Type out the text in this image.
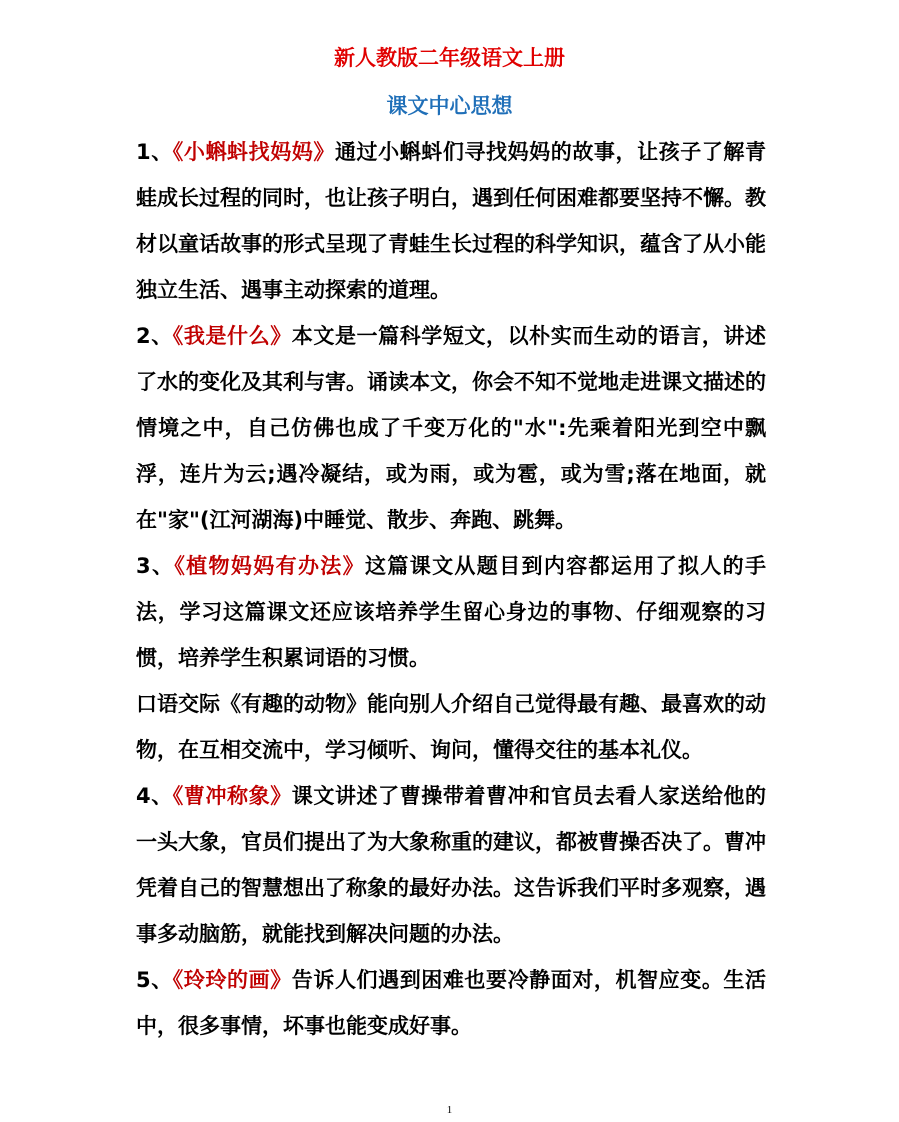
新人教版二年级语文上册
课文中心思想

1、《小蝌蚪找妈妈》通过小蝌蚪们寻找妈妈的故事，让孩子了解青蛙成长过程的同时，也让孩子明白，遇到任何困难都要坚持不懈。教材以童话故事的形式呈现了青蛙生长过程的科学知识，蕴含了从小能独立生活、遇事主动探索的道理。

2、《我是什么》本文是一篇科学短文，以朴实而生动的语言，讲述了水的变化及其利与害。诵读本文，你会不知不觉地走进课文描述的情境之中，自己仿佛也成了千变万化的"水":先乘着阳光到空中飘浮，连片为云;遇冷凝结，或为雨，或为雹，或为雪;落在地面，就在"家"(江河湖海)中睡觉、散步、奔跑、跳舞。

3、《植物妈妈有办法》这篇课文从题目到内容都运用了拟人的手法，学习这篇课文还应该培养学生留心身边的事物、仔细观察的习惯，培养学生积累词语的习惯。

口语交际《有趣的动物》能向别人介绍自己觉得最有趣、最喜欢的动物，在互相交流中，学习倾听、询问，懂得交往的基本礼仪。

4、《曹冲称象》课文讲述了曹操带着曹冲和官员去看人家送给他的一头大象，官员们提出了为大象称重的建议，都被曹操否决了。曹冲凭着自己的智慧想出了称象的最好办法。这告诉我们平时多观察，遇事多动脑筋，就能找到解决问题的办法。

5、《玲玲的画》告诉人们遇到困难也要冷静面对，机智应变。生活中，很多事情，坏事也能变成好事。

1
